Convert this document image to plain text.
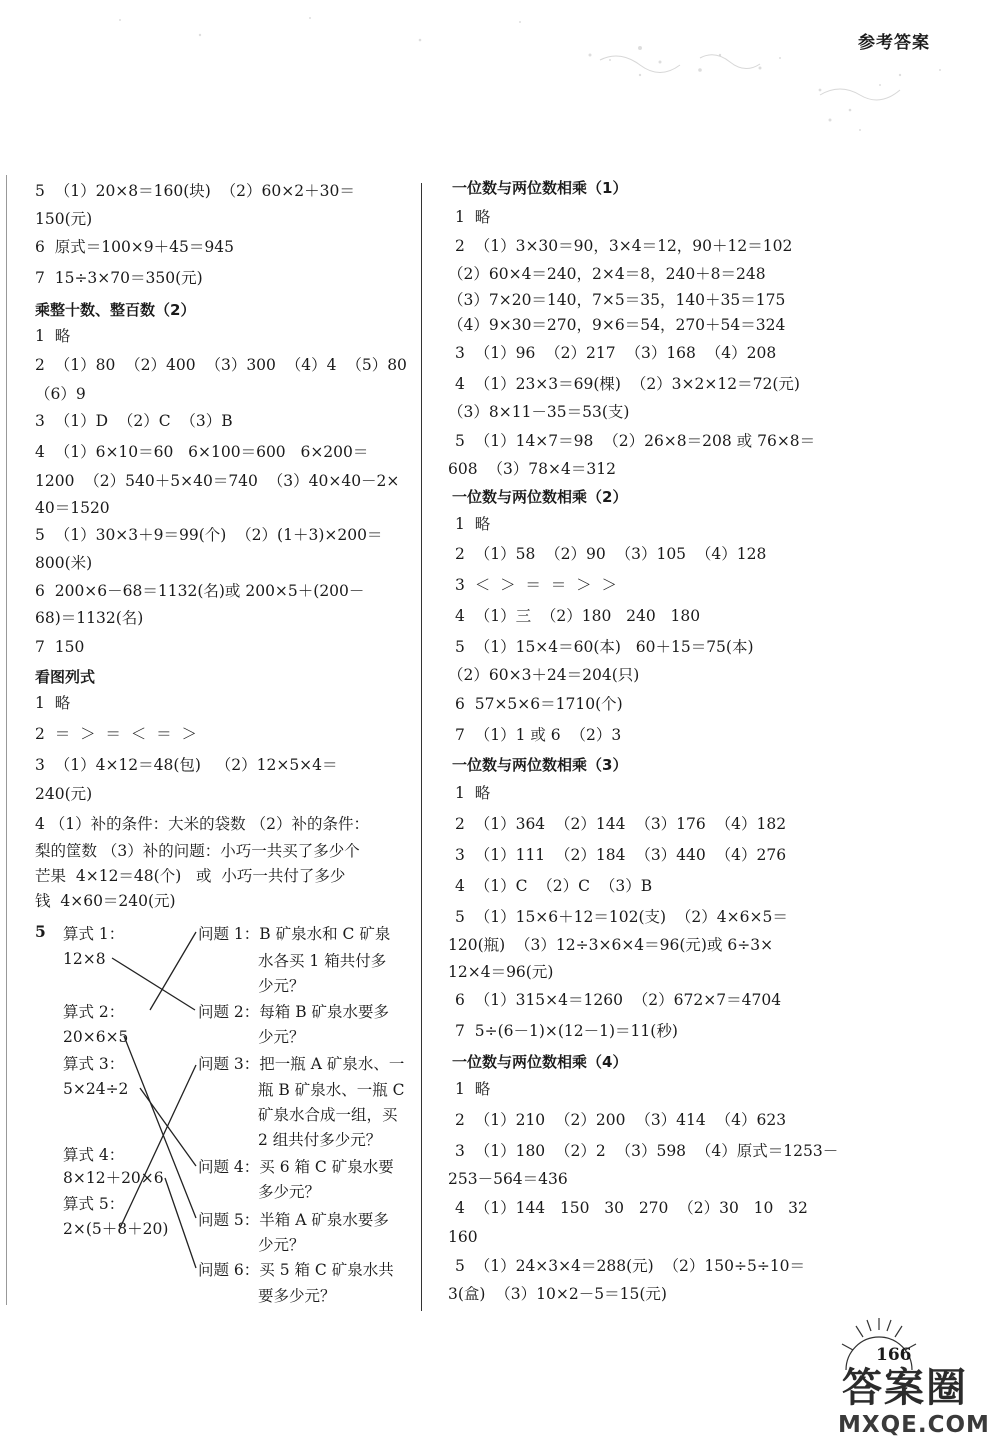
参考答案
5  （1）20×8＝160(块)  （2）60×2＋30＝
150(元)
6  原式＝100×9＋45＝945
7  15÷3×70＝350(元)
乘整十数、整百数（2）
1  略
2  （1）80  （2）400  （3）300  （4）4  （5）80
（6）9
3  （1）D  （2）C  （3）B
4  （1）6×10＝60   6×100＝600   6×200＝
1200  （2）540＋5×40＝740  （3）40×40－2×
40＝1520
5  （1）30×3＋9＝99(个)  （2）(1＋3)×200＝
800(米)
6  200×6－68＝1132(名)或 200×5＋(200－
68)＝1132(名)
7  150
看图列式
1  略
2  ＝  ＞  ＝  ＜  ＝  ＞
3  （1）4×12＝48(包)   （2）12×5×4＝
240(元)
4 （1）补的条件：大米的袋数 （2）补的条件：
梨的筐数 （3）补的问题：小巧一共买了多少个
芒果  4×12＝48(个)   或  小巧一共付了多少
钱  4×60＝240(元)
5 算式 1：
12×8
算式 2：
20×6×5
算式 3：
5×24÷2
算式 4：
8×12＋20×6
算式 5：
2×(5＋8＋20)
问题 1：B 矿泉水和 C 矿泉
水各买 1 箱共付多
少元？
问题 2：每箱 B 矿泉水要多
少元？
问题 3：把一瓶 A 矿泉水、一
瓶 B 矿泉水、一瓶 C
矿泉水合成一组，买
2 组共付多少元？
问题 4：买 6 箱 C 矿泉水要
多少元？
问题 5：半箱 A 矿泉水要多
少元？
问题 6：买 5 箱 C 矿泉水共
要多少元？
一位数与两位数相乘（1）
1  略
2  （1）3×30＝90，3×4＝12，90＋12＝102
（2）60×4＝240，2×4＝8，240＋8＝248
（3）7×20＝140，7×5＝35，140＋35＝175
（4）9×30＝270，9×6＝54，270＋54＝324
3  （1）96  （2）217  （3）168  （4）208
4  （1）23×3＝69(棵)  （2）3×2×12＝72(元)
（3）8×11－35＝53(支)
5  （1）14×7＝98  （2）26×8＝208 或 76×8＝
608  （3）78×4＝312
一位数与两位数相乘（2）
1  略
2  （1）58  （2）90  （3）105  （4）128
3  ＜  ＞  ＝  ＝  ＞  ＞
4  （1）三  （2）180   240   180
5  （1）15×4＝60(本)   60＋15＝75(本)
（2）60×3＋24＝204(只)
6  57×5×6＝1710(个)
7  （1）1 或 6  （2）3
一位数与两位数相乘（3）
1  略
2  （1）364  （2）144  （3）176  （4）182
3  （1）111  （2）184  （3）440  （4）276
4  （1）C  （2）C  （3）B
5  （1）15×6＋12＝102(支)  （2）4×6×5＝
120(瓶)  （3）12÷3×6×4＝96(元)或 6÷3×
12×4＝96(元)
6  （1）315×4＝1260  （2）672×7＝4704
7  5÷(6－1)×(12－1)＝11(秒)
一位数与两位数相乘（4）
1  略
2  （1）210  （2）200  （3）414  （4）623
3  （1）180  （2）2  （3）598  （4）原式＝1253－
253－564＝436
4  （1）144   150   30   270  （2）30   10   32
160
5  （1）24×3×4＝288(元)  （2）150÷5÷10＝
3(盒)  （3）10×2－5＝15(元)
166
答案圈
MXQE.COM
